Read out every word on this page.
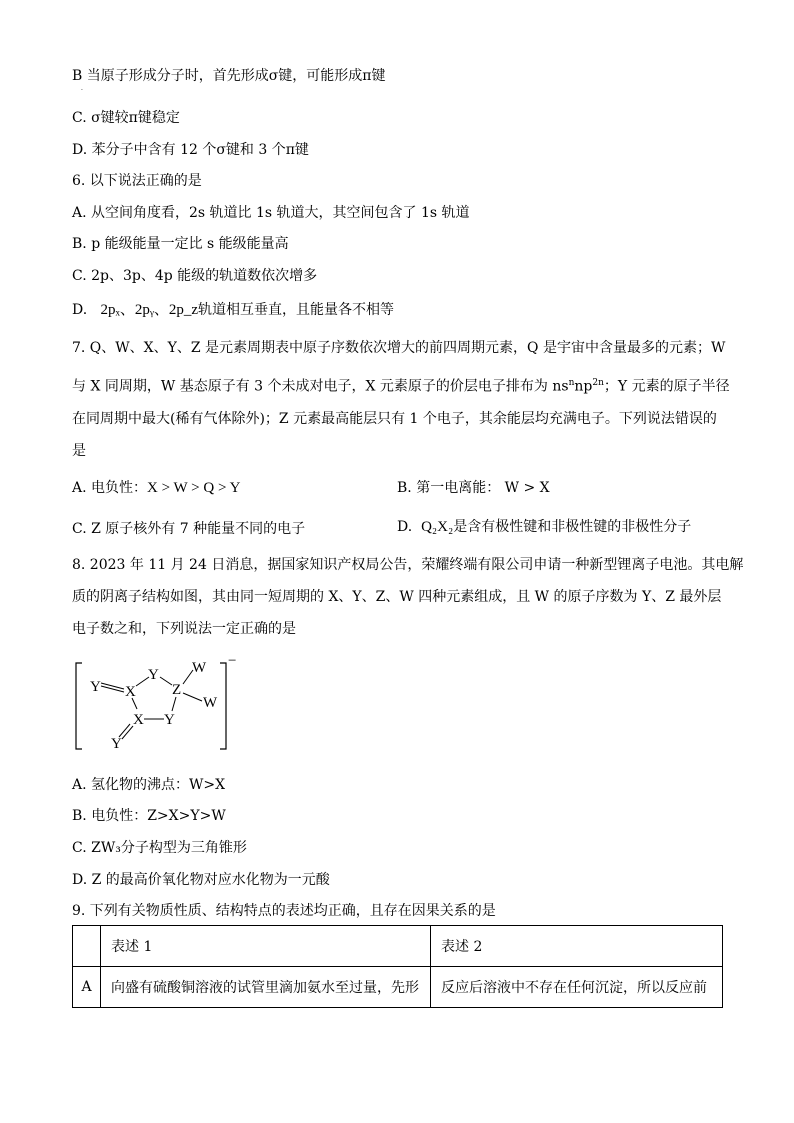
B 当原子形成分子时，首先形成σ键，可能形成π键
·
C. σ键较π键稳定
D. 苯分子中含有 12 个σ键和 3 个π键
6. 以下说法正确的是
A. 从空间角度看，2s 轨道比 1s 轨道大，其空间包含了 1s 轨道
B. p 能级能量一定比 s 能级能量高
C. 2p、3p、4p 能级的轨道数依次增多
D. 2pₓ、2pᵧ、2p_z轨道相互垂直，且能量各不相等
7. Q、W、X、Y、Z 是元素周期表中原子序数依次增大的前四周期元素，Q 是宇宙中含量最多的元素；W
与 X 同周期，W 基态原子有 3 个未成对电子，X 元素原子的价层电子排布为 $ns^nnp^{2n}$；Y 元素的原子半径
在同周期中最大(稀有气体除外)；Z 元素最高能层只有 1 个电子，其余能层均充满电子。下列说法错误的
是
A. 电负性：X > W > Q > Y	B. 第一电离能： W > X
C. Z 原子核外有 7 种能量不同的电子	D. Q₂X₂是含有极性键和非极性键的非极性分子
8. 2023 年 11 月 24 日消息，据国家知识产权局公告，荣耀终端有限公司申请一种新型锂离子电池。其电解
质的阴离子结构如图，其由同一短周期的 X、Y、Z、W 四种元素组成，且 W 的原子序数为 Y、Z 最外层
电子数之和，下列说法一定正确的是
−
Y X
Y
Z
W
W
X Y
Y
A. 氢化物的沸点：W>X
B. 电负性：Z>X>Y>W
C. ZW₃分子构型为三角锥形
D. Z 的最高价氧化物对应水化物为一元酸
9. 下列有关物质性质、结构特点的表述均正确，且存在因果关系的是
	表述 1	表述 2
A	向盛有硫酸铜溶液的试管里滴加氨水至过量，先形	反应后溶液中不存在任何沉淀，所以反应前
